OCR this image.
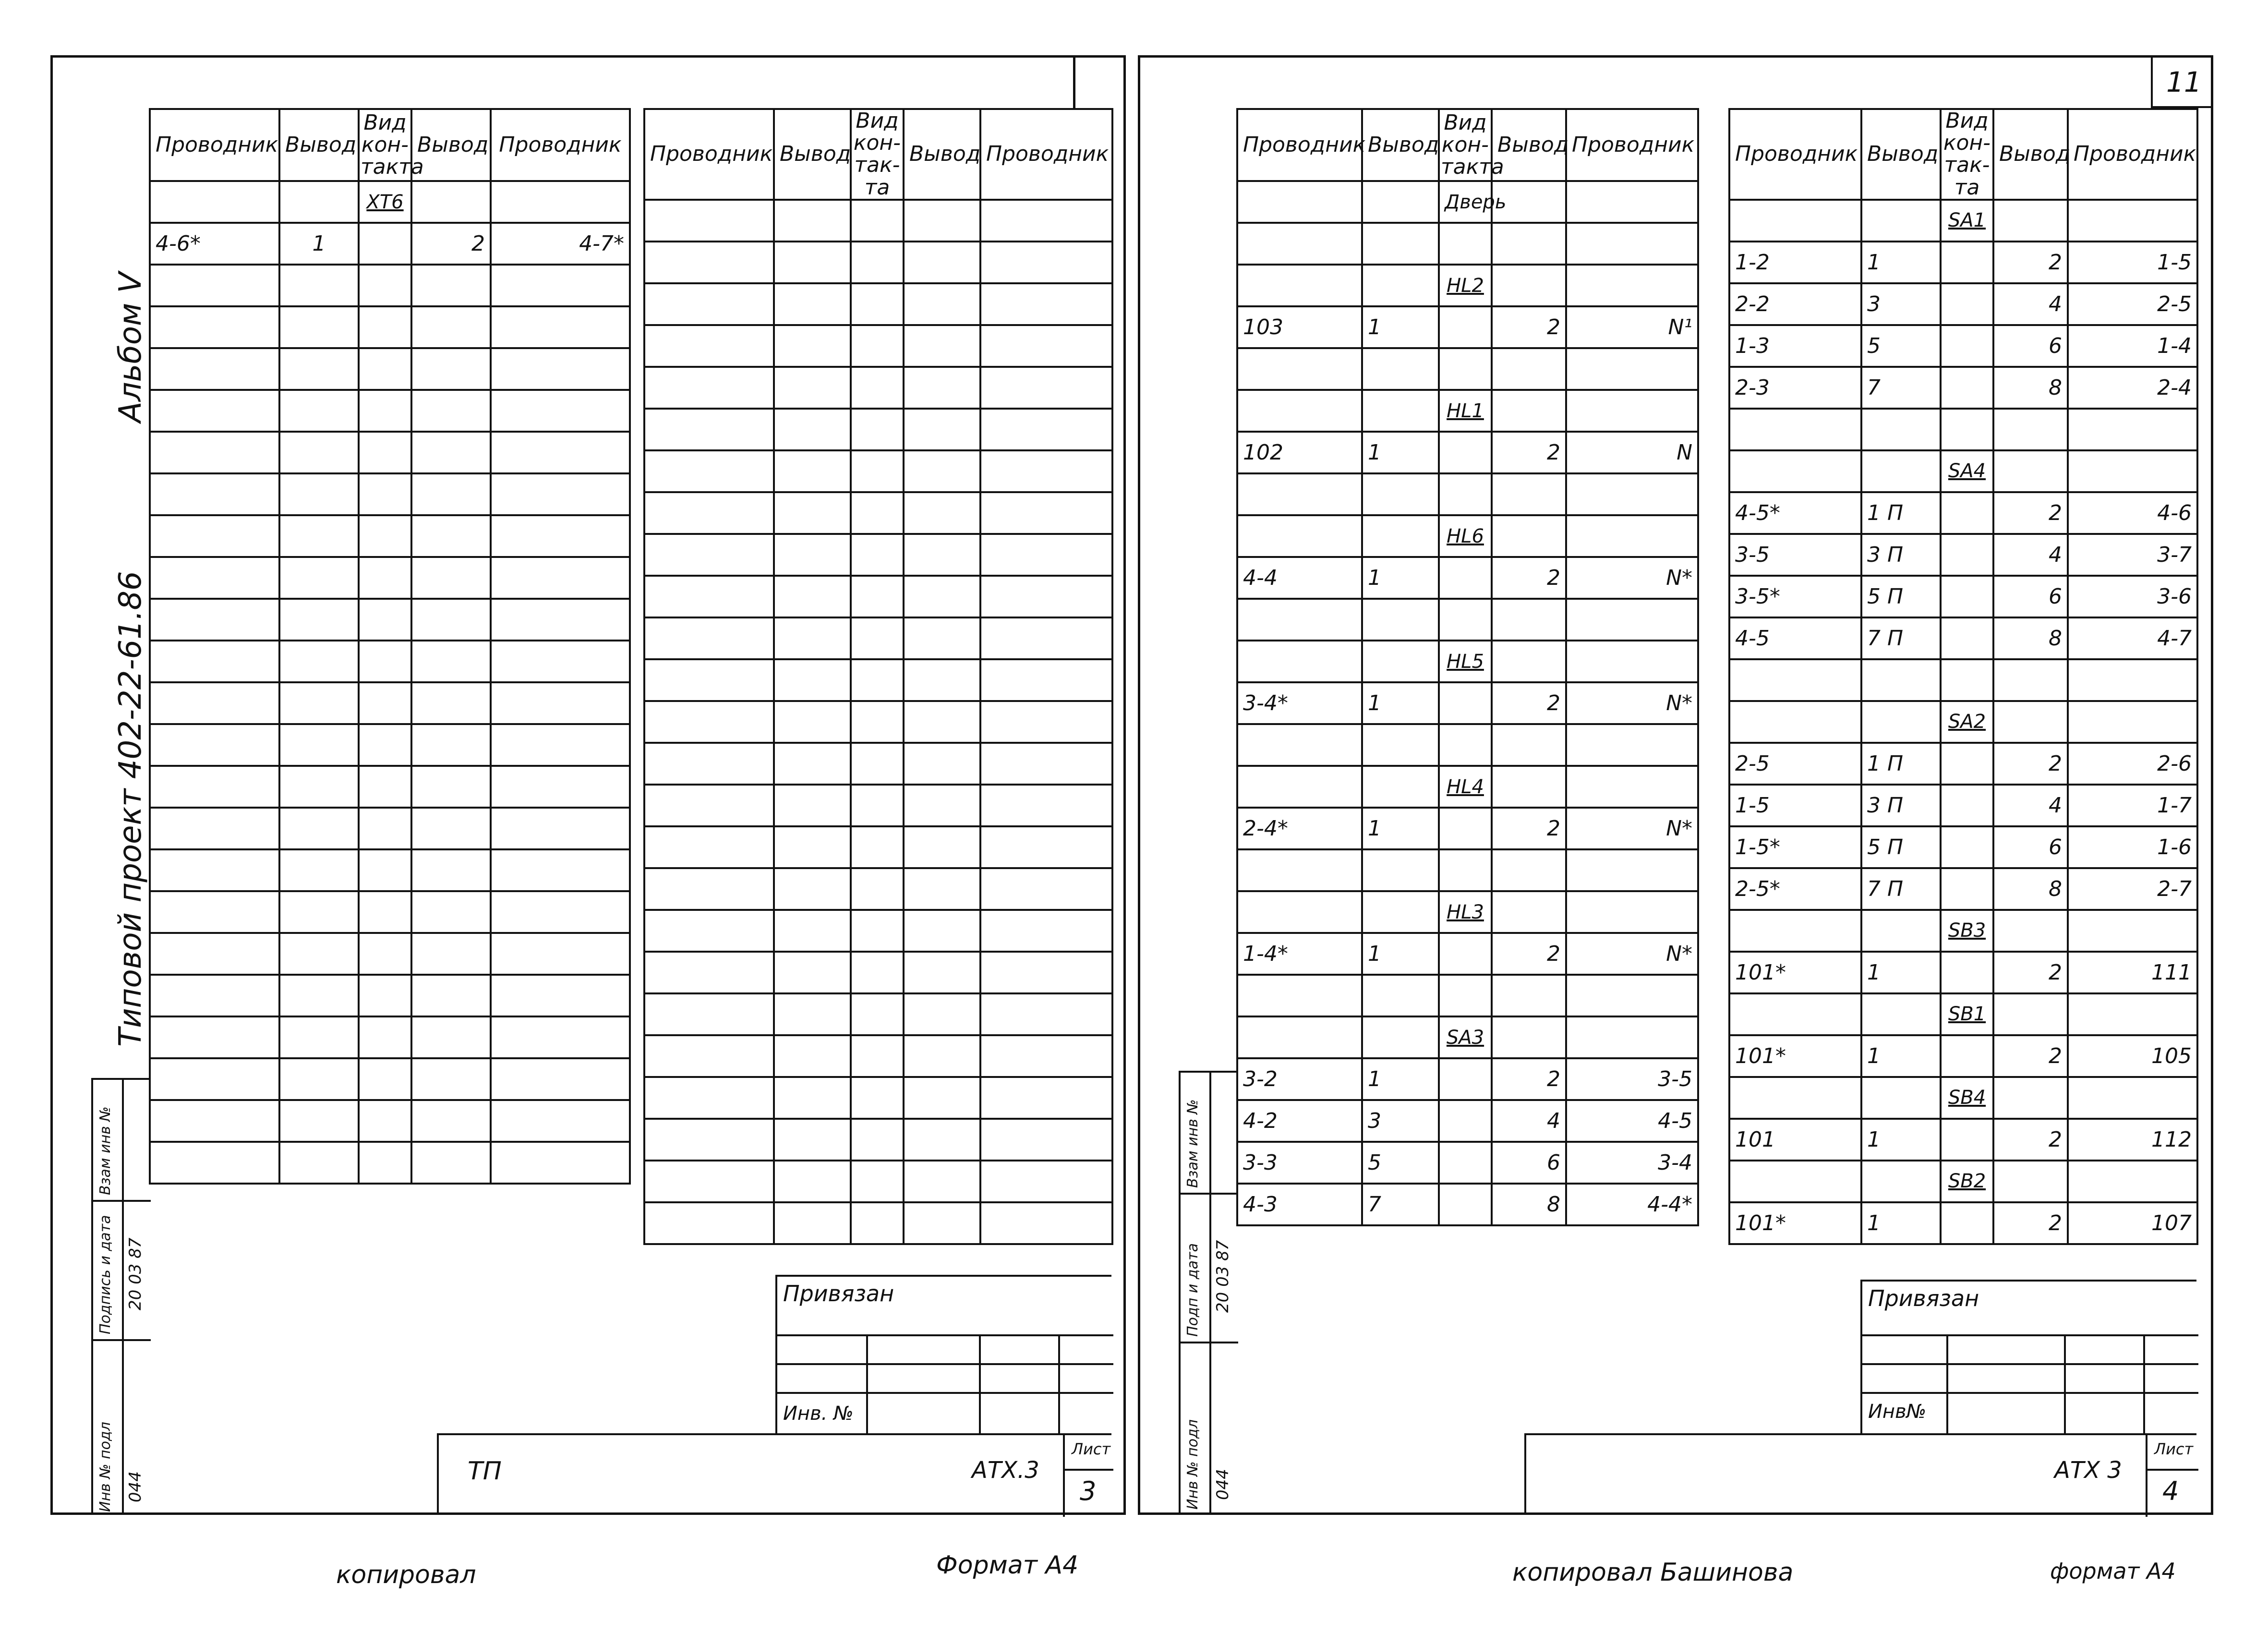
Альбом V
Типовой проект 402-22-61.86
Проводник	Вывод	Вид кон-такта	Вывод	Проводник
		ХТ6		
4-6*	1		2	4-7*

Проводник	Вывод	Вид кон-так-та	Вывод	Проводник

Взам инв №
Подпись и дата
Инв № подл
20 03 87
044
Привязан
Инв. №
ТП	АТХ.3
Лист
3
копировал	Формат А4
11
Проводник	Вывод	Вид кон-такта	Вывод	Проводник
		Дверь		

		HL2		
103	1		2	N¹

		HL1		
102	1		2	N

		HL6		
4-4	1		2	N*

		HL5		
3-4*	1		2	N*

		HL4		
2-4*	1		2	N*

		HL3		
1-4*	1		2	N*

		SA3		
3-2	1		2	3-5
4-2	3		4	4-5
3-3	5		6	3-4
4-3	7		8	4-4*
Проводник	Вывод	Вид кон-так-та	Вывод	Проводник
		SA1		
1-2	1		2	1-5
2-2	3		4	2-5
1-3	5		6	1-4
2-3	7		8	2-4

		SA4		
4-5*	1 П		2	4-6
3-5	3 П		4	3-7
3-5*	5 П		6	3-6
4-5	7 П		8	4-7

		SA2		
2-5	1 П		2	2-6
1-5	3 П		4	1-7
1-5*	5 П		6	1-6
2-5*	7 П		8	2-7
		SB3		
101*	1		2	111
		SB1		
101*	1		2	105
		SB4		
101	1		2	112
		SB2		
101*	1		2	107
Взам инв №
Подп и дата
Инв № подл
20 03 87
044
Привязан
Инв№
АТХ 3
Лист
4
копировал Башинова	формат А4
